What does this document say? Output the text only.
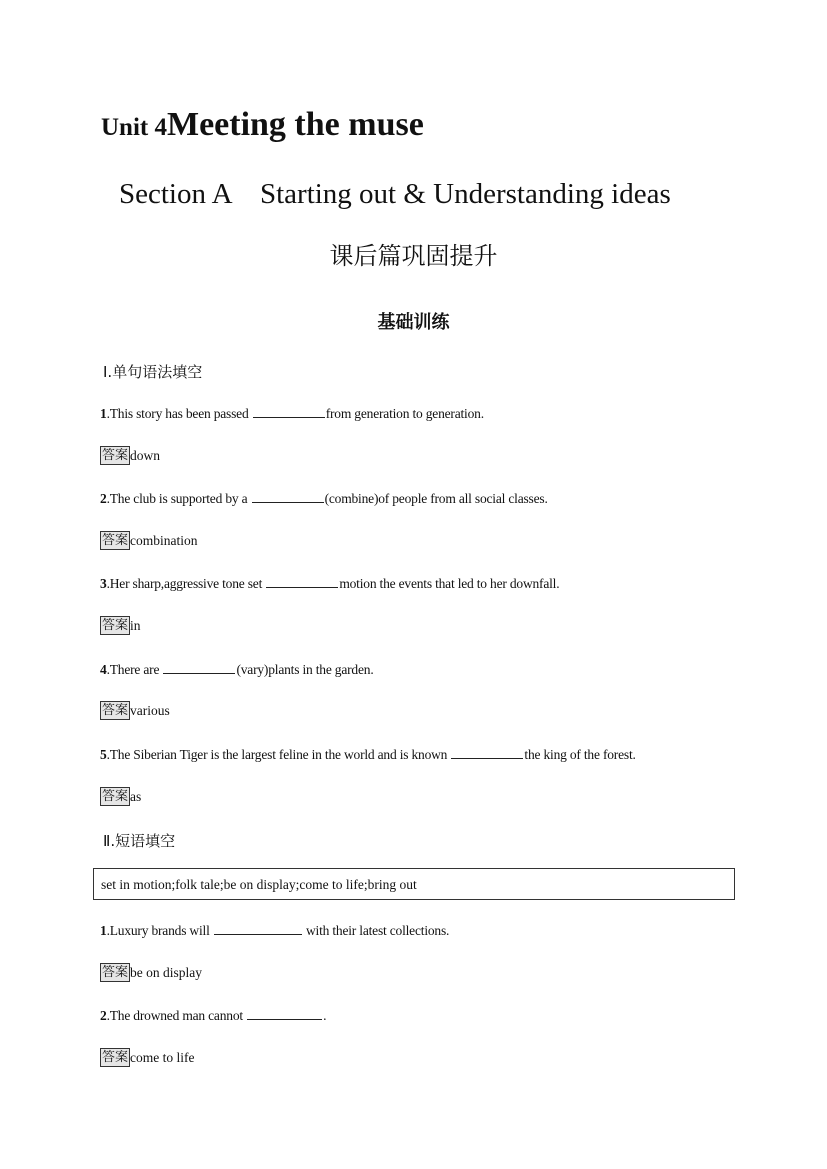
Unit 4Meeting the muse
Section A　Starting out & Understanding ideas
课后篇巩固提升
基础训练
Ⅰ.单句语法填空
1.This story has been passed	from generation to generation.
答案 down
2.The club is supported by a	(combine)of people from all social classes.
答案 combination
3.Her sharp,aggressive tone set	motion the events that led to her downfall.
答案 in
4.There are	(vary)plants in the garden.
答案 various
5.The Siberian Tiger is the largest feline in the world and is known	the king of the forest.
答案 as
Ⅱ.短语填空
set in motion;folk tale;be on display;come to life;bring out
1.Luxury brands will	with their latest collections.
答案 be on display
2.The drowned man cannot	.
答案 come to life
